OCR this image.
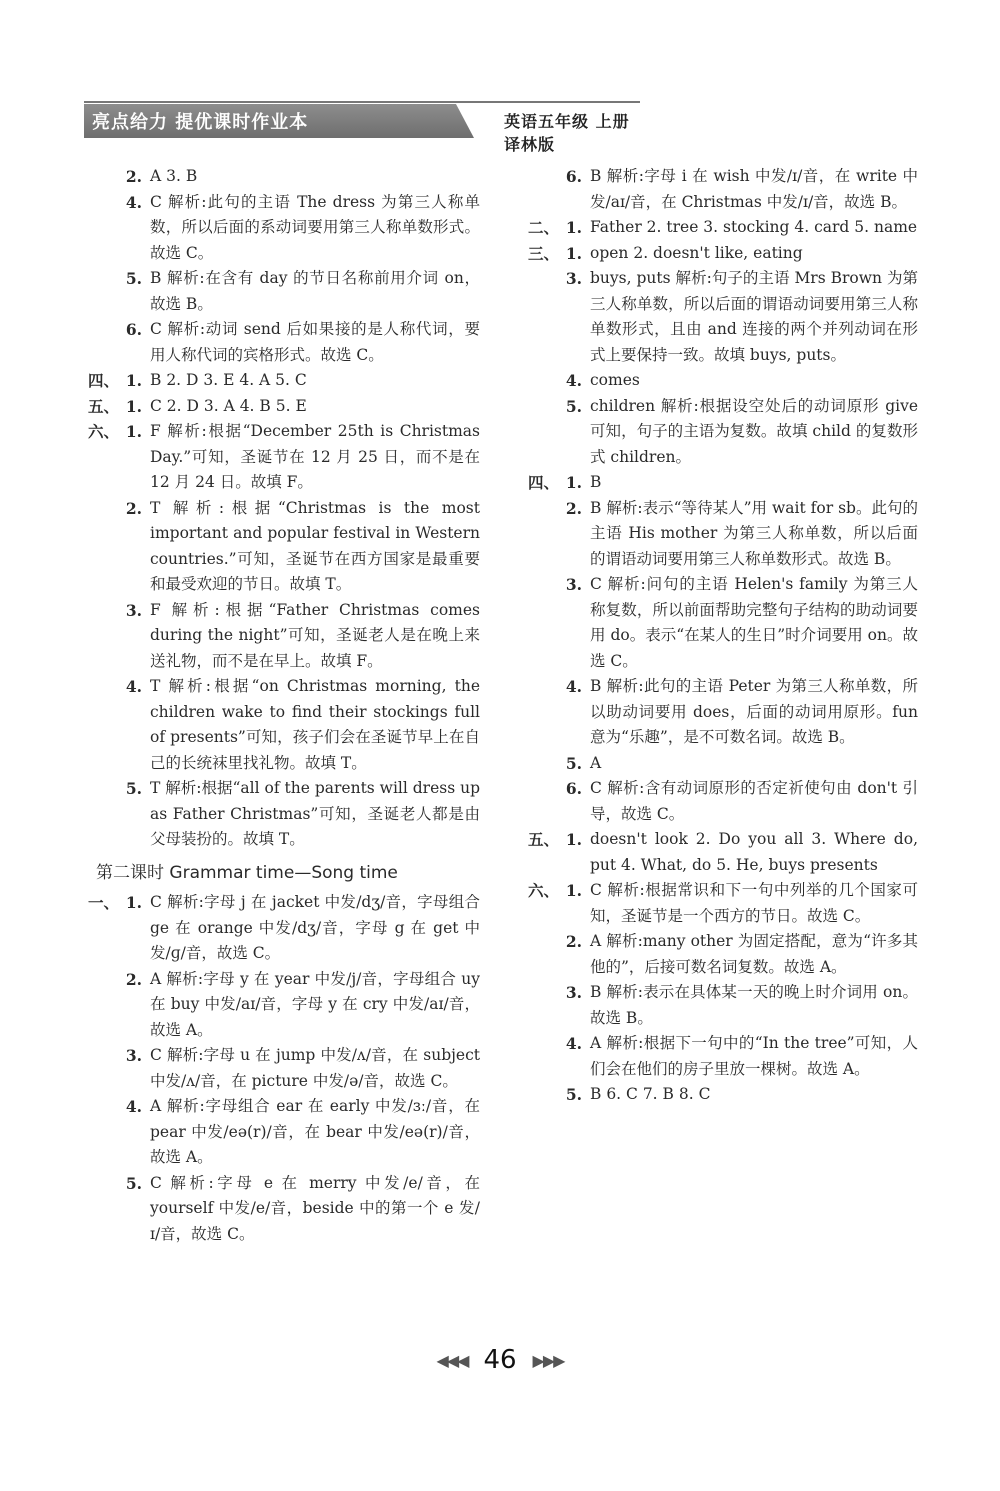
亮点给力 提优课时作业本	英语五年级 上册 译林版
2. A 3. B
4. C 解析:此句的主语 The dress 为第三人称单数，所以后面的系动词要用第三人称单数形式。故选 C。
5. B 解析:在含有 day 的节日名称前用介词 on，故选 B。
6. C 解析:动词 send 后如果接的是人称代词，要用人称代词的宾格形式。故选 C。
四、 1. B 2. D 3. E 4. A 5. C
五、 1. C 2. D 3. A 4. B 5. E
六、 1. F 解析:根据“December 25th is Christmas Day.”可知，圣诞节在 12 月 25 日，而不是在 12 月 24 日。故填 F。
2. T 解析:根据“Christmas is the most important and popular festival in Western countries.”可知，圣诞节在西方国家是最重要和最受欢迎的节日。故填 T。
3. F 解析:根据“Father Christmas comes during the night”可知，圣诞老人是在晚上来送礼物，而不是在早上。故填 F。
4. T 解析:根据“on Christmas morning, the children wake to find their stockings full of presents”可知，孩子们会在圣诞节早上在自己的长统袜里找礼物。故填 T。
5. T 解析:根据“all of the parents will dress up as Father Christmas”可知，圣诞老人都是由父母装扮的。故填 T。
第二课时 Grammar time—Song time
一、 1. C 解析:字母 j 在 jacket 中发/dʒ/音，字母组合 ge 在 orange 中发/dʒ/音，字母 g 在 get 中发/ɡ/音，故选 C。
2. A 解析:字母 y 在 year 中发/j/音，字母组合 uy 在 buy 中发/aɪ/音，字母 y 在 cry 中发/aɪ/音，故选 A。
3. C 解析:字母 u 在 jump 中发/ʌ/音，在 subject 中发/ʌ/音，在 picture 中发/ə/音，故选 C。
4. A 解析:字母组合 ear 在 early 中发/ɜː/音，在 pear 中发/eə(r)/音，在 bear 中发/eə(r)/音，故选 A。
5. C 解析:字母 e 在 merry 中发/e/音，在 yourself 中发/e/音，beside 中的第一个 e 发/ɪ/音，故选 C。
6. B 解析:字母 i 在 wish 中发/ɪ/音，在 write 中发/aɪ/音，在 Christmas 中发/ɪ/音，故选 B。
二、 1. Father 2. tree 3. stocking 4. card 5. name
三、 1. open 2. doesn't like, eating
3. buys, puts 解析:句子的主语 Mrs Brown 为第三人称单数，所以后面的谓语动词要用第三人称单数形式，且由 and 连接的两个并列动词在形式上要保持一致。故填 buys, puts。
4. comes
5. children 解析:根据设空处后的动词原形 give 可知，句子的主语为复数。故填 child 的复数形式 children。
四、 1. B
2. B 解析:表示“等待某人”用 wait for sb。此句的主语 His mother 为第三人称单数，所以后面的谓语动词要用第三人称单数形式。故选 B。
3. C 解析:问句的主语 Helen's family 为第三人称复数，所以前面帮助完整句子结构的助动词要用 do。表示“在某人的生日”时介词要用 on。故选 C。
4. B 解析:此句的主语 Peter 为第三人称单数，所以助动词要用 does，后面的动词用原形。fun 意为“乐趣”，是不可数名词。故选 B。
5. A
6. C 解析:含有动词原形的否定祈使句由 don't 引导，故选 C。
五、 1. doesn't look 2. Do you all 3. Where do, put 4. What, do 5. He, buys presents
六、 1. C 解析:根据常识和下一句中列举的几个国家可知，圣诞节是一个西方的节日。故选 C。
2. A 解析:many other 为固定搭配，意为“许多其他的”，后接可数名词复数。故选 A。
3. B 解析:表示在具体某一天的晚上时介词用 on。故选 B。
4. A 解析:根据下一句中的“In the tree”可知，人们会在他们的房子里放一棵树。故选 A。
5. B 6. C 7. B 8. C
◀◀◀ 46 ▶▶▶
